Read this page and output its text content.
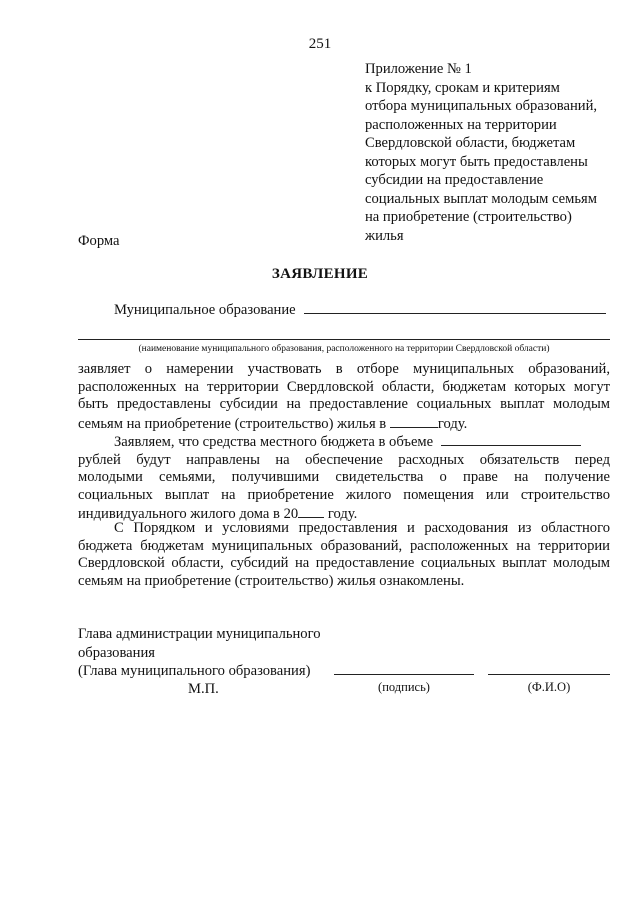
251
Приложение № 1
к Порядку, срокам и критериям
отбора муниципальных образований,
расположенных на территории
Свердловской области, бюджетам
которых могут быть предоставлены
субсидии на предоставление
социальных выплат молодым семьям
на приобретение (строительство)
жилья
Форма
ЗАЯВЛЕНИЕ
Муниципальное образование
(наименование муниципального образования, расположенного на территории Свердловской области)
заявляет о намерении участвовать в отборе муниципальных образований,
расположенных на территории Свердловской области, бюджетам которых могут
быть предоставлены субсидии на предоставление социальных выплат молодым
семьям на приобретение (строительство) жилья в	году.
Заявляем, что средства местного бюджета в объеме
рублей будут направлены на обеспечение расходных обязательств перед
молодыми семьями, получившими свидетельства о праве на получение
социальных выплат на приобретение жилого помещения или строительство
индивидуального жилого дома в 20 году.
С Порядком и условиями предоставления и расходования из областного
бюджета бюджетам муниципальных образований, расположенных на территории
Свердловской области, субсидий на предоставление социальных выплат молодым
семьям на приобретение (строительство) жилья ознакомлены.
Глава администрации муниципального
образования
(Глава муниципального образования)
М.П.	(подпись)	(Ф.И.О)
